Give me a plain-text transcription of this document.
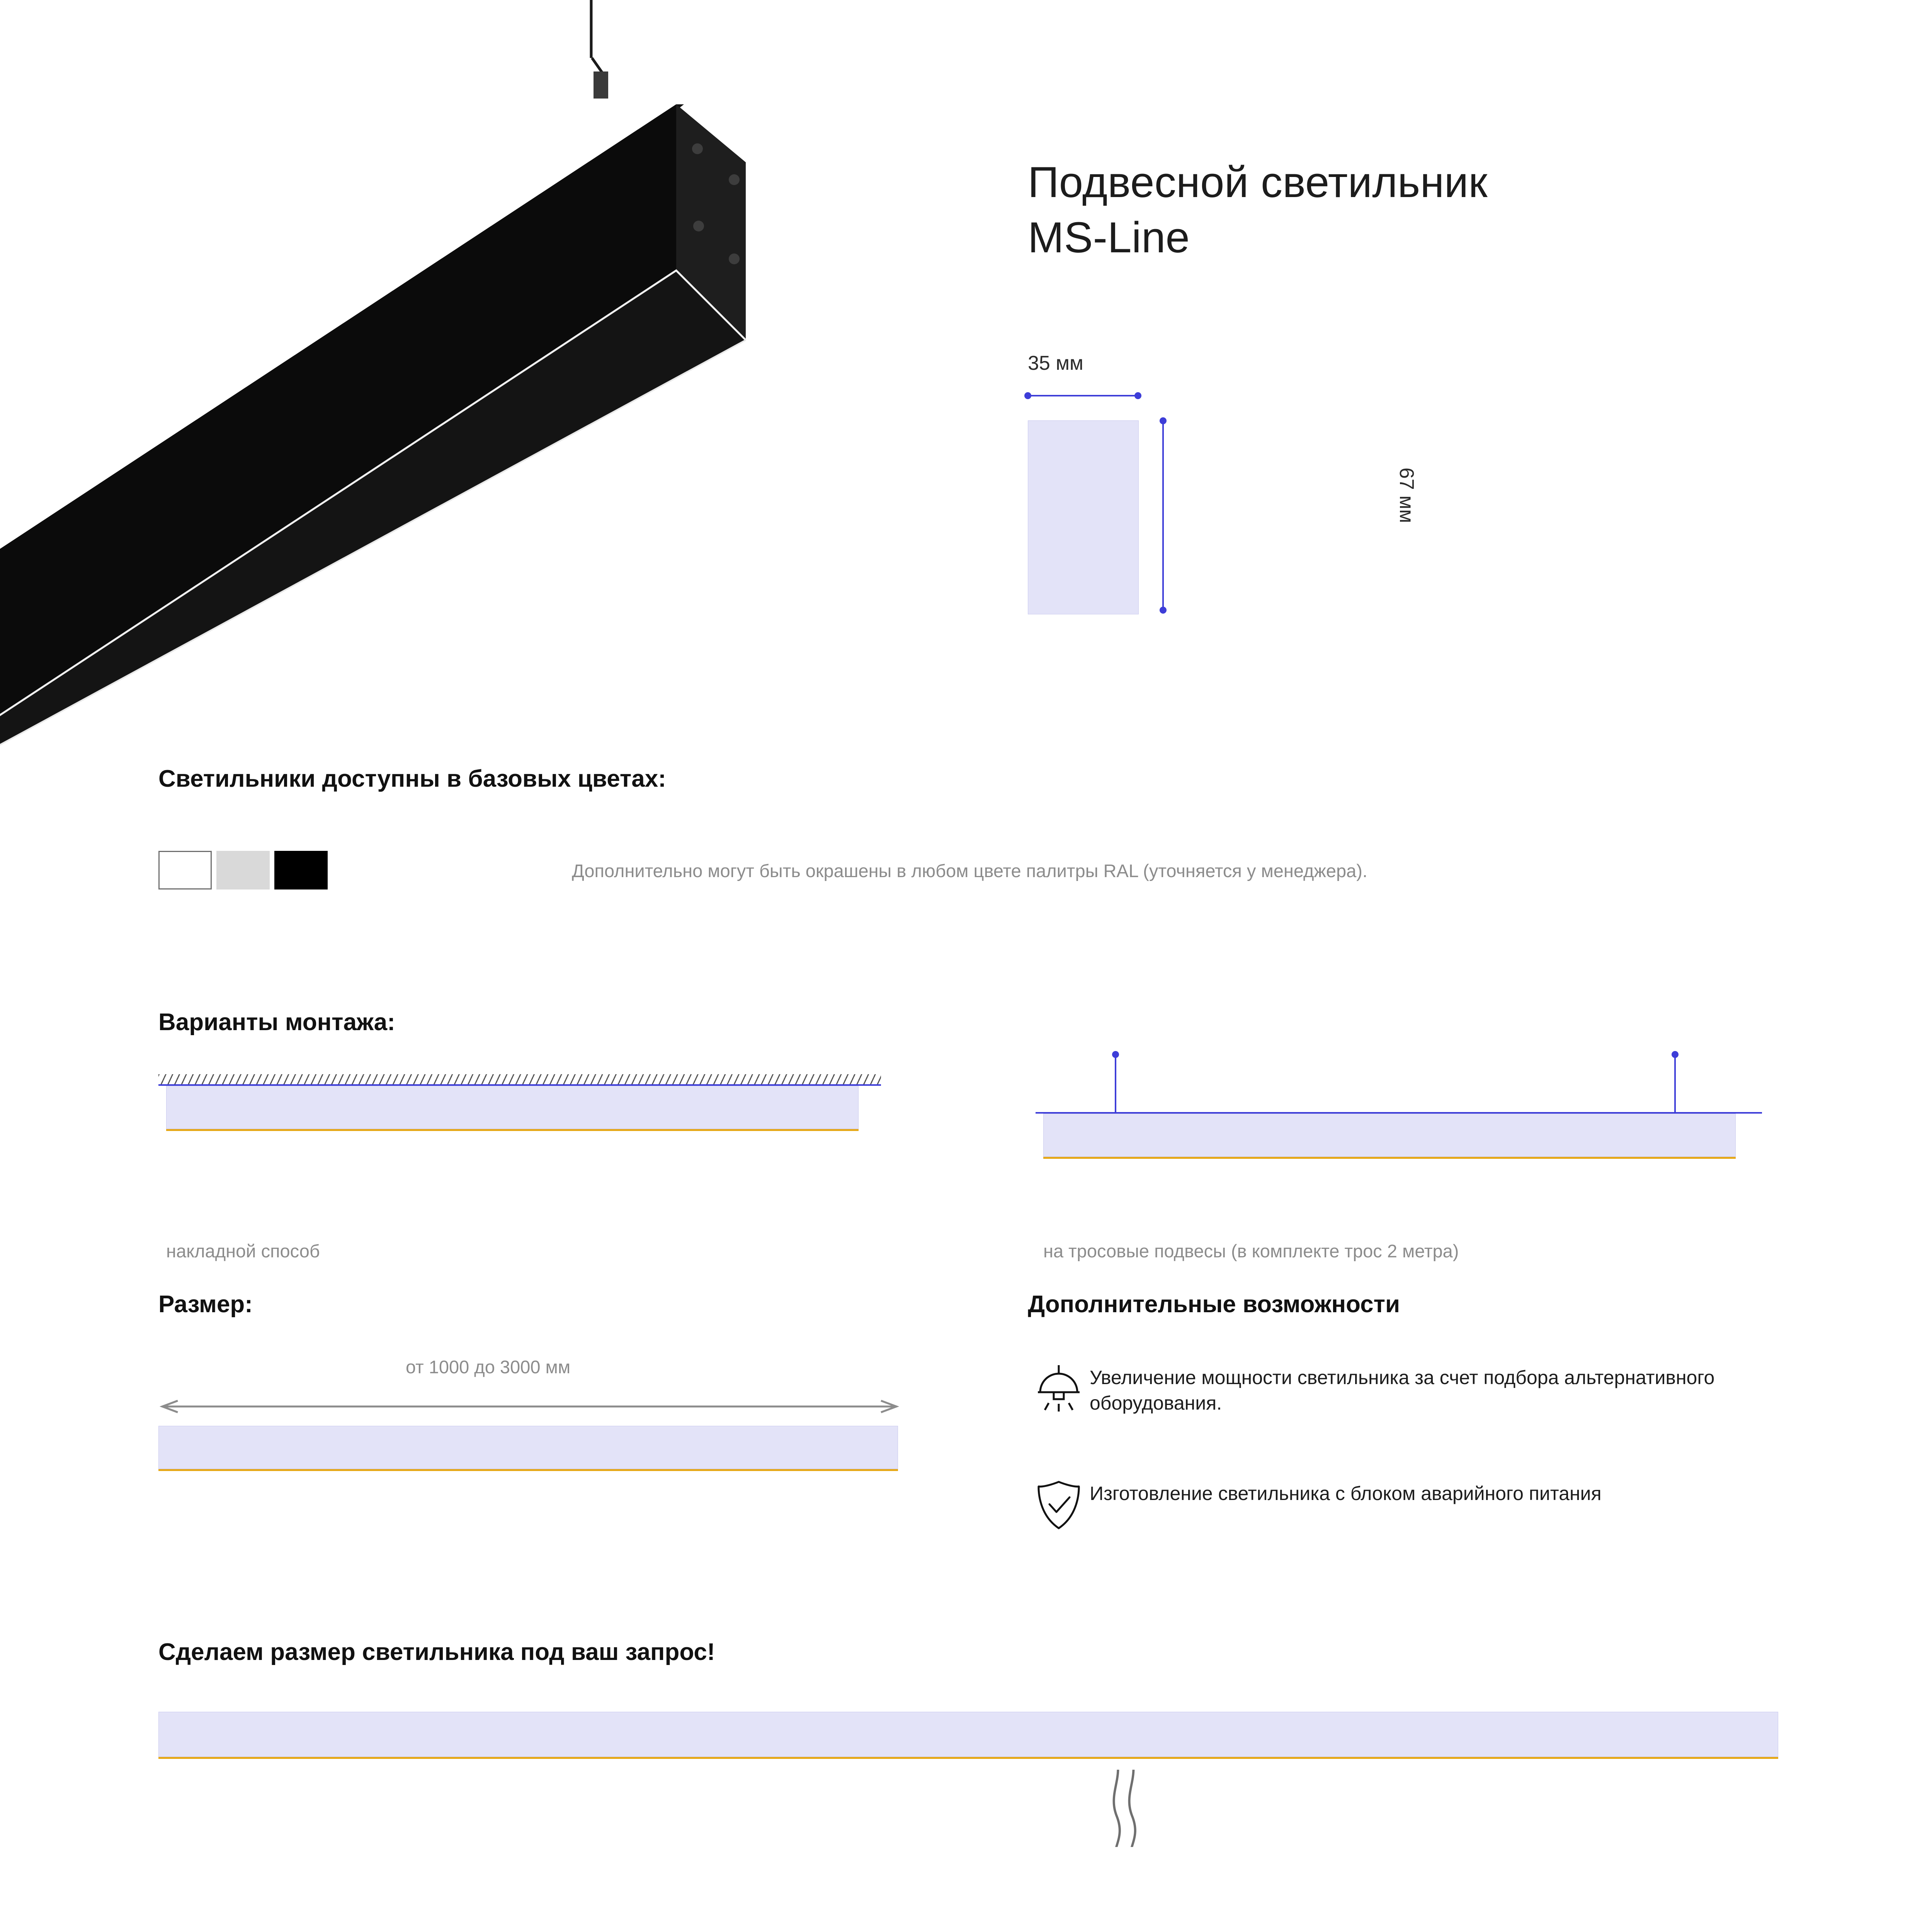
Подвесной светильник
MS-Line
35 мм
67 мм
Светильники доступны в базовых цветах:
Дополнительно могут быть окрашены в любом цвете палитры RAL (уточняется у менеджера).
Варианты монтажа:
накладной способ	на тросовые подвесы (в комплекте трос 2 метра)
Размер:
от 1000 до 3000 мм
Дополнительные возможности
Увеличение мощности светильника за счет подбора альтернативного оборудования.
Изготовление светильника с блоком аварийного питания
Сделаем размер светильника под ваш запрос!
